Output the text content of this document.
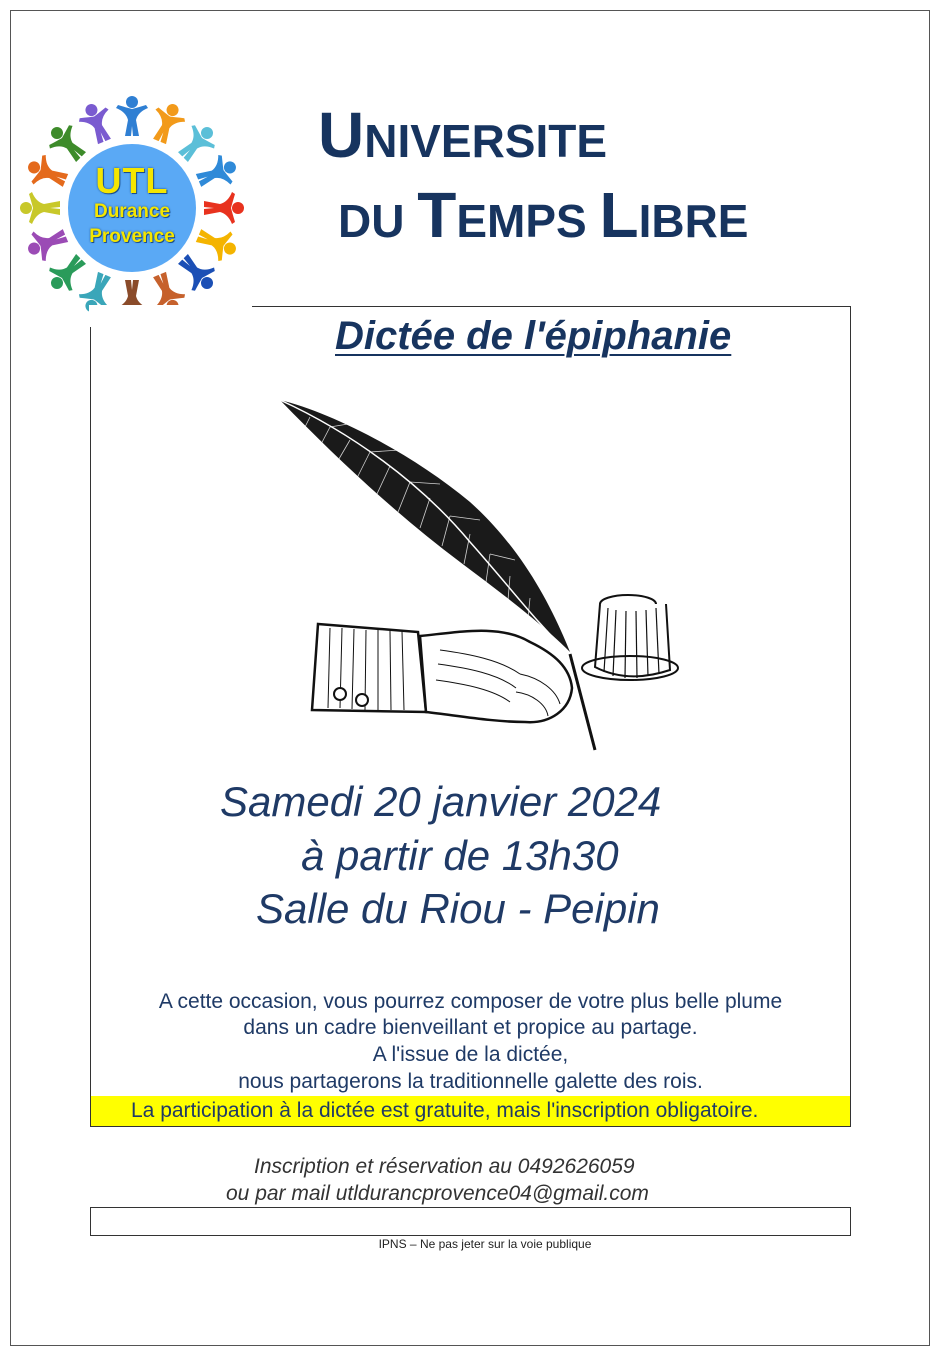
UTL
Durance
Provence
UNIVERSITE
DU TEMPS LIBRE
Dictée de l'épiphanie
Samedi 20 janvier 2024
à partir de 13h30
Salle du Riou - Peipin
A cette occasion, vous pourrez composer de votre plus belle plume
dans un cadre bienveillant et propice au partage.
A l'issue de la dictée,
nous partagerons la traditionnelle galette des rois.
La participation à la dictée est gratuite, mais l'inscription obligatoire.
Inscription et réservation au 0492626059
ou par mail utldurancprovence04@gmail.com
IPNS – Ne pas jeter sur la voie publique
